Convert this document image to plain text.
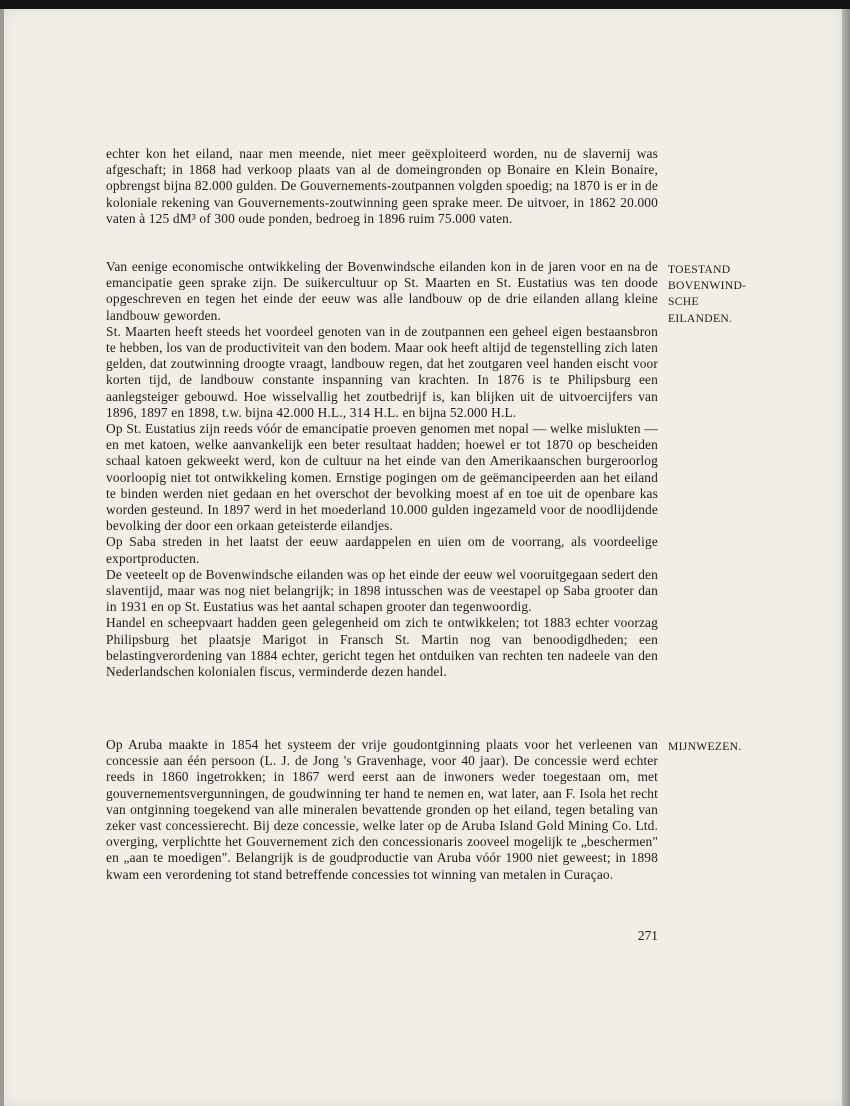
echter kon het eiland, naar men meende, niet meer geëxploiteerd worden, nu de slavernij was afgeschaft; in 1868 had verkoop plaats van al de domeingronden op Bonaire en Klein Bonaire, opbrengst bijna 82.000 gulden. De Gouvernements-zoutpannen volgden spoedig; na 1870 is er in de koloniale rekening van Gouvernements-zoutwinning geen sprake meer. De uitvoer, in 1862 20.000 vaten à 125 dM³ of 300 oude ponden, bedroeg in 1896 ruim 75.000 vaten.

Van eenige economische ontwikkeling der Bovenwindsche eilanden kon in de jaren voor en na de emancipatie geen sprake zijn. De suikercultuur op St. Maarten en St. Eustatius was ten doode opgeschreven en tegen het einde der eeuw was alle landbouw op de drie eilanden allang kleine landbouw geworden.

St. Maarten heeft steeds het voordeel genoten van in de zoutpannen een geheel eigen bestaansbron te hebben, los van de productiviteit van den bodem. Maar ook heeft altijd de tegenstelling zich laten gelden, dat zoutwinning droogte vraagt, landbouw regen, dat het zoutgaren veel handen eischt voor korten tijd, de landbouw constante inspanning van krachten. In 1876 is te Philipsburg een aanlegsteiger gebouwd. Hoe wisselvallig het zoutbedrijf is, kan blijken uit de uitvoercijfers van 1896, 1897 en 1898, t.w. bijna 42.000 H.L., 314 H.L. en bijna 52.000 H.L.

Op St. Eustatius zijn reeds vóór de emancipatie proeven genomen met nopal — welke mislukten — en met katoen, welke aanvankelijk een beter resultaat hadden; hoewel er tot 1870 op bescheiden schaal katoen gekweekt werd, kon de cultuur na het einde van den Amerikaanschen burgeroorlog voorloopig niet tot ontwikkeling komen. Ernstige pogingen om de geëmancipeerden aan het eiland te binden werden niet gedaan en het overschot der bevolking moest af en toe uit de openbare kas worden gesteund. In 1897 werd in het moederland 10.000 gulden ingezameld voor de noodlijdende bevolking der door een orkaan geteisterde eilandjes.

Op Saba streden in het laatst der eeuw aardappelen en uien om de voorrang, als voordeelige exportproducten.

De veeteelt op de Bovenwindsche eilanden was op het einde der eeuw wel vooruitgegaan sedert den slaventijd, maar was nog niet belangrijk; in 1898 intusschen was de veestapel op Saba grooter dan in 1931 en op St. Eustatius was het aantal schapen grooter dan tegenwoordig.

Handel en scheepvaart hadden geen gelegenheid om zich te ontwikkelen; tot 1883 echter voorzag Philipsburg het plaatsje Marigot in Fransch St. Martin nog van benoodigdheden; een belastingverordening van 1884 echter, gericht tegen het ontduiken van rechten ten nadeele van den Nederlandschen kolonialen fiscus, verminderde dezen handel.

TOESTAND
BOVENWIND-
SCHE
EILANDEN.

Op Aruba maakte in 1854 het systeem der vrije goudontginning plaats voor het verleenen van concessie aan één persoon (L. J. de Jong 's Gravenhage, voor 40 jaar). De concessie werd echter reeds in 1860 ingetrokken; in 1867 werd eerst aan de inwoners weder toegestaan om, met gouvernementsvergunningen, de goudwinning ter hand te nemen en, wat later, aan F. Isola het recht van ontginning toegekend van alle mineralen bevattende gronden op het eiland, tegen betaling van zeker vast concessierecht. Bij deze concessie, welke later op de Aruba Island Gold Mining Co. Ltd. overging, verplichtte het Gouvernement zich den concessionaris zooveel mogelijk te „beschermen" en „aan te moedigen". Belangrijk is de goudproductie van Aruba vóór 1900 niet geweest; in 1898 kwam een verordening tot stand betreffende concessies tot winning van metalen in Curaçao.

MIJNWEZEN.
271
